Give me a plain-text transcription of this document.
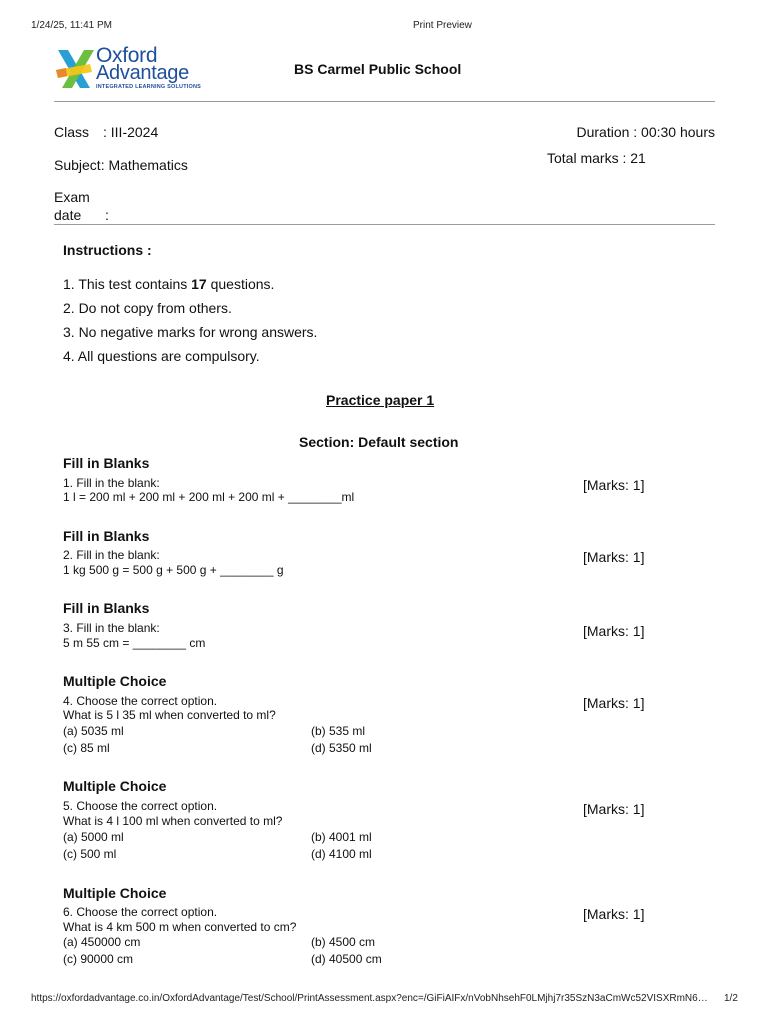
1/24/25, 11:41 PM	Print Preview
Oxford
Advantage
INTEGRATED LEARNING SOLUTIONS
BS Carmel Public School
Class : III-2024	Duration : 00:30 hours
Subject: Mathematics	Total marks : 21
Exam
date :
Instructions :
1. This test contains 17 questions.
2. Do not copy from others.
3. No negative marks for wrong answers.
4. All questions are compulsory.
Practice paper 1
Section: Default section
Fill in Blanks
1. Fill in the blank:
1 l = 200 ml + 200 ml + 200 ml + 200 ml + ________ml
[Marks: 1]
Fill in Blanks
2. Fill in the blank:
1 kg 500 g = 500 g + 500 g + ________ g
[Marks: 1]
Fill in Blanks
3. Fill in the blank:
5 m 55 cm = ________ cm
[Marks: 1]
Multiple Choice
4. Choose the correct option.
What is 5 l 35 ml when converted to ml?
[Marks: 1]
(a) 5035 ml	(b) 535 ml
(c) 85 ml	(d) 5350 ml
Multiple Choice
5. Choose the correct option.
What is 4 l 100 ml when converted to ml?
[Marks: 1]
(a) 5000 ml	(b) 4001 ml
(c) 500 ml	(d) 4100 ml
Multiple Choice
6. Choose the correct option.
What is 4 km 500 m when converted to cm?
[Marks: 1]
(a) 450000 cm	(b) 4500 cm
(c) 90000 cm	(d) 40500 cm
https://oxfordadvantage.co.in/OxfordAdvantage/Test/School/PrintAssessment.aspx?enc=/GiFiAIFx/nVobNhsehF0LMjhj7r35SzN3aCmWc52VISXRmN6…	1/2
